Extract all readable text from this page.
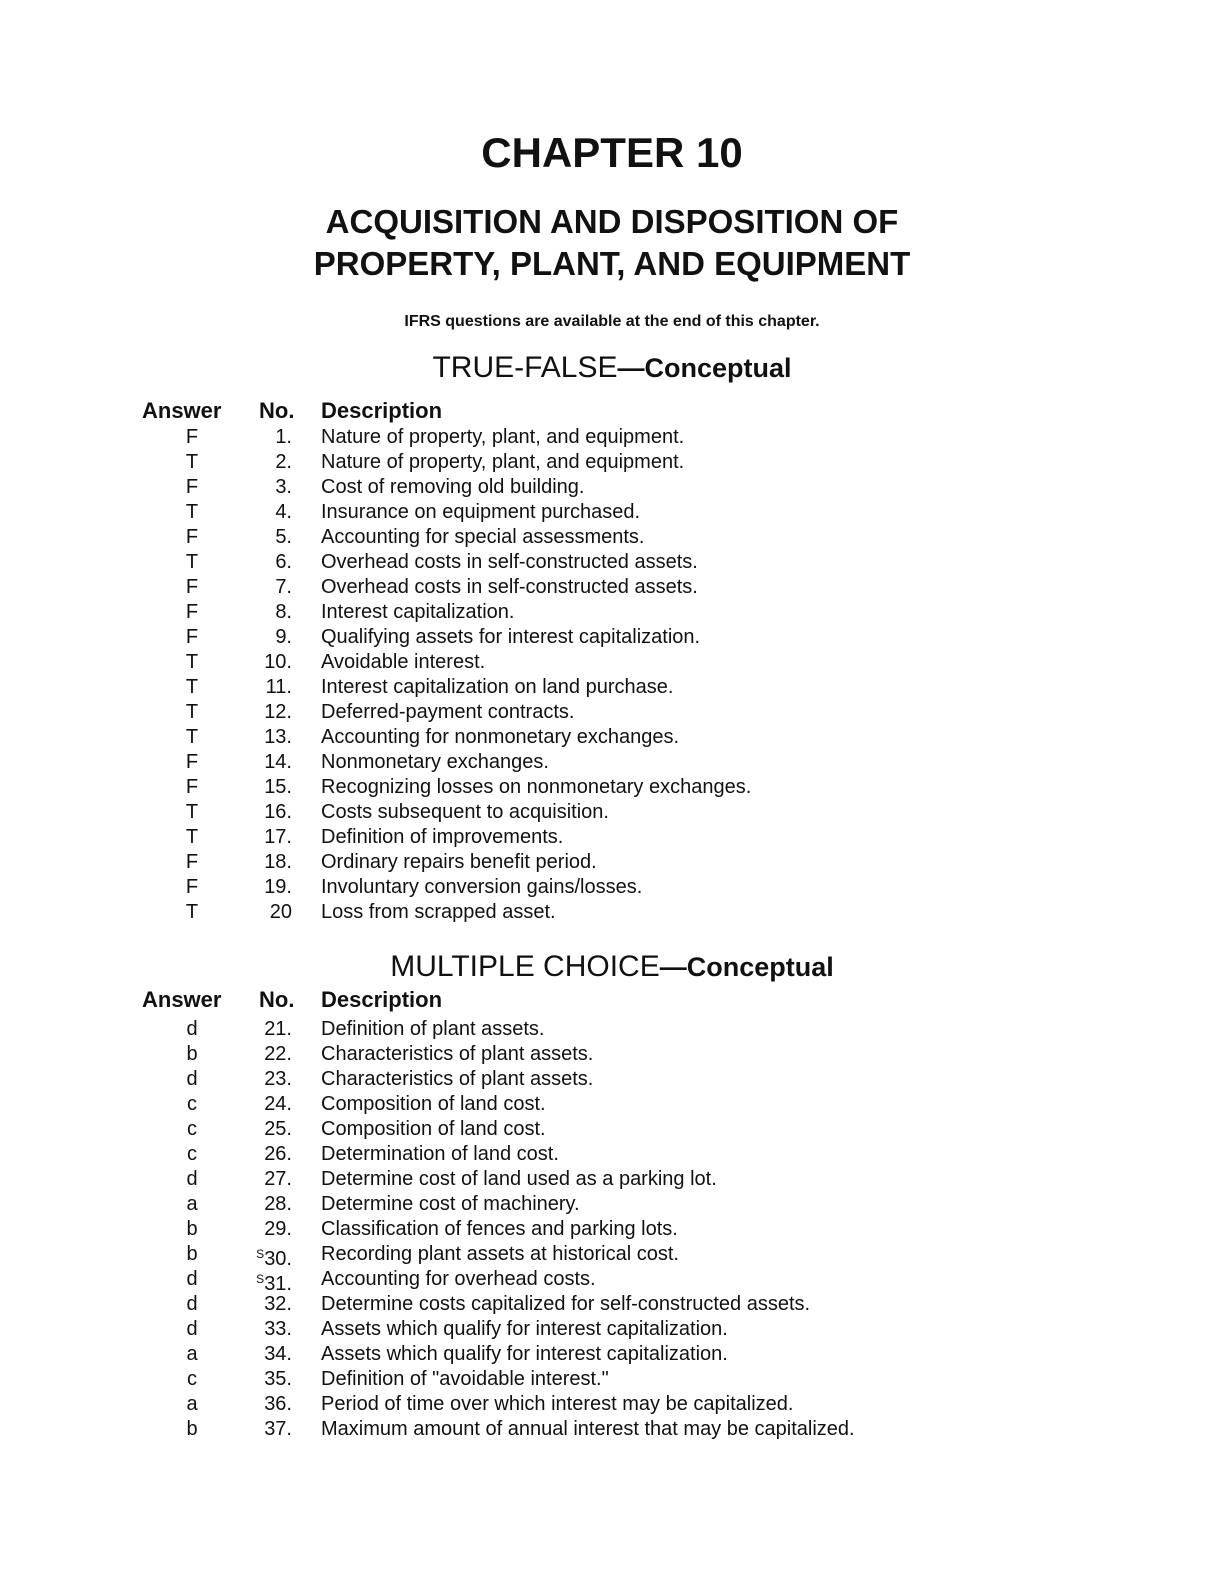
CHAPTER 10
ACQUISITION AND DISPOSITION OF
PROPERTY, PLANT, AND EQUIPMENT

IFRS questions are available at the end of this chapter.

TRUE-FALSE—Conceptual
Answer No. Description
F	1. Nature of property, plant, and equipment.
T	2. Nature of property, plant, and equipment.
F	3. Cost of removing old building.
T	4. Insurance on equipment purchased.
F	5. Accounting for special assessments.
T	6. Overhead costs in self-constructed assets.
F	7. Overhead costs in self-constructed assets.
F	8. Interest capitalization.
F	9. Qualifying assets for interest capitalization.
T	10. Avoidable interest.
T	11. Interest capitalization on land purchase.
T	12. Deferred-payment contracts.
T	13. Accounting for nonmonetary exchanges.
F	14. Nonmonetary exchanges.
F	15. Recognizing losses on nonmonetary exchanges.
T	16. Costs subsequent to acquisition.
T	17. Definition of improvements.
F	18. Ordinary repairs benefit period.
F	19. Involuntary conversion gains/losses.
T	20 Loss from scrapped asset.
MULTIPLE CHOICE—Conceptual
Answer No. Description
d	21. Definition of plant assets.
b	22. Characteristics of plant assets.
d	23. Characteristics of plant assets.
c	24. Composition of land cost.
c	25. Composition of land cost.
c	26. Determination of land cost.
d	27. Determine cost of land used as a parking lot.
a	28. Determine cost of machinery.
b	29. Classification of fences and parking lots.
b	$^S$30. Recording plant assets at historical cost.
d	$^S$31. Accounting for overhead costs.
d	32. Determine costs capitalized for self-constructed assets.
d	33. Assets which qualify for interest capitalization.
a	34. Assets which qualify for interest capitalization.
c	35. Definition of "avoidable interest."
a	36. Period of time over which interest may be capitalized.
b	37. Maximum amount of annual interest that may be capitalized.
